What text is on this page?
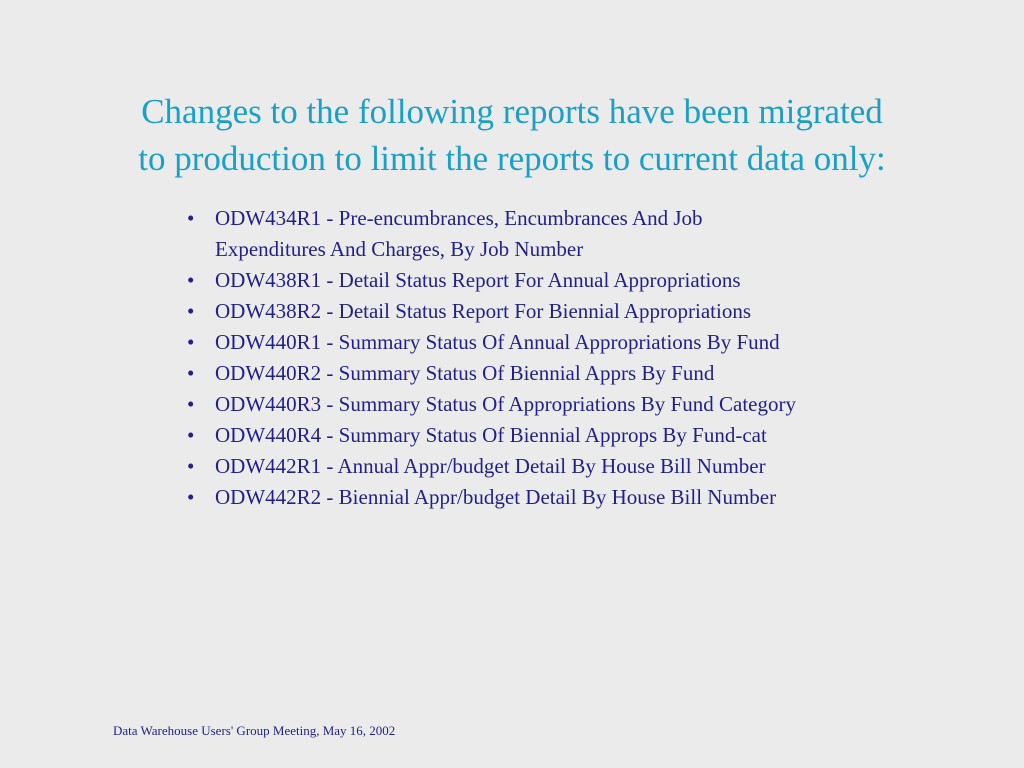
Changes to the following reports have been migrated
to production to limit the reports to current data only:
• ODW434R1 - Pre-encumbrances, Encumbrances And Job
Expenditures And Charges, By Job Number
• ODW438R1 - Detail Status Report For Annual Appropriations
• ODW438R2 - Detail Status Report For Biennial Appropriations
• ODW440R1 - Summary Status Of Annual Appropriations By Fund
• ODW440R2 - Summary Status Of Biennial Apprs By Fund
• ODW440R3 - Summary Status Of Appropriations By Fund Category
• ODW440R4 - Summary Status Of Biennial Approps By Fund-cat
• ODW442R1 - Annual Appr/budget Detail By House Bill Number
• ODW442R2 - Biennial Appr/budget Detail By House Bill Number
Data Warehouse Users' Group Meeting, May 16, 2002
